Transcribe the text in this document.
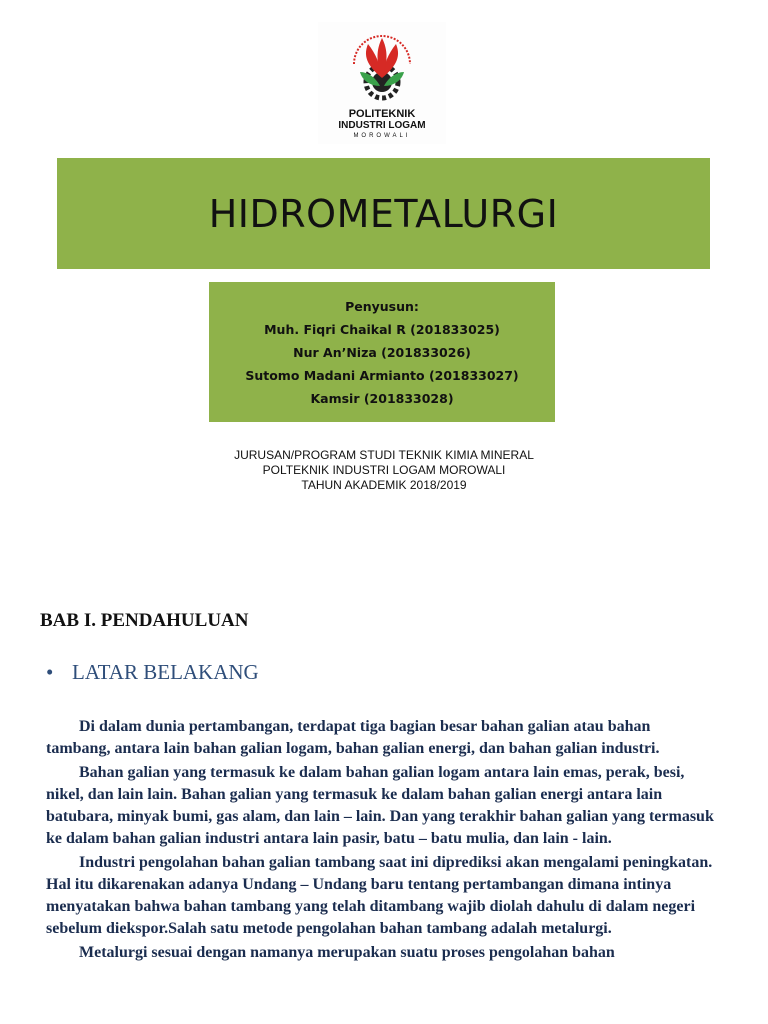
POLITEKNIK
INDUSTRI LOGAM
MOROWALI
HIDROMETALURGI
Penyusun:
Muh. Fiqri Chaikal R (201833025)
Nur An’Niza (201833026)
Sutomo Madani Armianto (201833027)
Kamsir (201833028)
JURUSAN/PROGRAM STUDI TEKNIK KIMIA MINERAL
POLTEKNIK INDUSTRI LOGAM MOROWALI
TAHUN AKADEMIK 2018/2019
BAB I. PENDAHULUAN
• LATAR BELAKANG

Di dalam dunia pertambangan, terdapat tiga bagian besar bahan galian atau bahan tambang, antara lain bahan galian logam, bahan galian energi, dan bahan galian industri.

Bahan galian yang termasuk ke dalam bahan galian logam antara lain emas, perak, besi, nikel, dan lain lain. Bahan galian yang termasuk ke dalam bahan galian energi antara lain batubara, minyak bumi, gas alam, dan lain – lain. Dan yang terakhir bahan galian yang termasuk ke dalam bahan galian industri antara lain pasir, batu – batu mulia, dan lain - lain.

Industri pengolahan bahan galian tambang saat ini diprediksi akan mengalami peningkatan. Hal itu dikarenakan adanya Undang – Undang baru tentang pertambangan dimana intinya menyatakan bahwa bahan tambang yang telah ditambang wajib diolah dahulu di dalam negeri sebelum diekspor.Salah satu metode pengolahan bahan tambang adalah metalurgi.

Metalurgi sesuai dengan namanya merupakan suatu proses pengolahan bahan
